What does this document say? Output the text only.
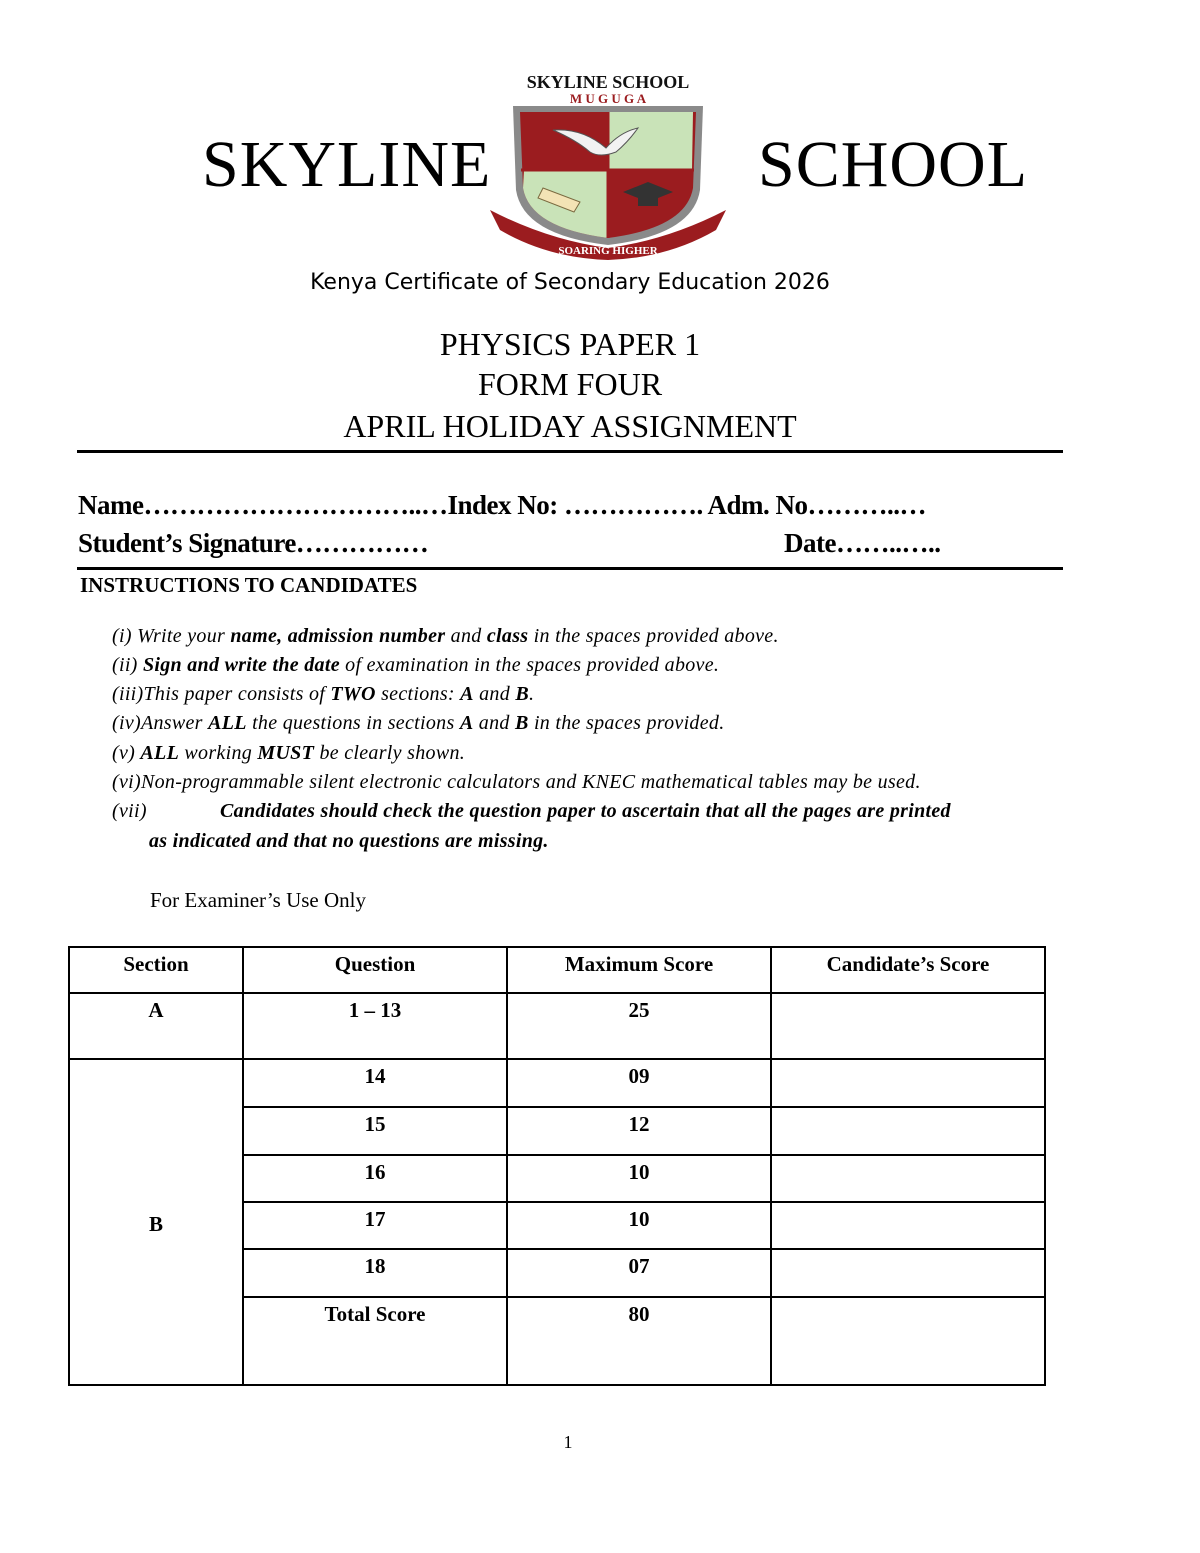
SKYLINE
SKYLINE SCHOOL
M U G U G A
SOARING HIGHER
SCHOOL
Kenya Certificate of Secondary Education 2026
PHYSICS PAPER 1
FORM FOUR
APRIL HOLIDAY ASSIGNMENT
Name…………………………..…Index No: ……………. Adm. No………..…
Student’s Signature……………	Date……..…..
INSTRUCTIONS TO CANDIDATES
(i) Write your name, admission number and class in the spaces provided above.
(ii) Sign and write the date of examination in the spaces provided above.
(iii)This paper consists of TWO sections: A and B.
(iv)Answer ALL the questions in sections A and B in the spaces provided.
(v) ALL working MUST be clearly shown.
(vi)Non-programmable silent electronic calculators and KNEC mathematical tables may be used.
(vii)	Candidates should check the question paper to ascertain that all the pages are printed
as indicated and that no questions are missing.
For Examiner’s Use Only
Section	Question	Maximum Score	Candidate’s Score
A	1 – 13	25	
B	14	09	
	15	12	
	16	10	
	17	10	
	18	07	
	Total Score	80	
1
